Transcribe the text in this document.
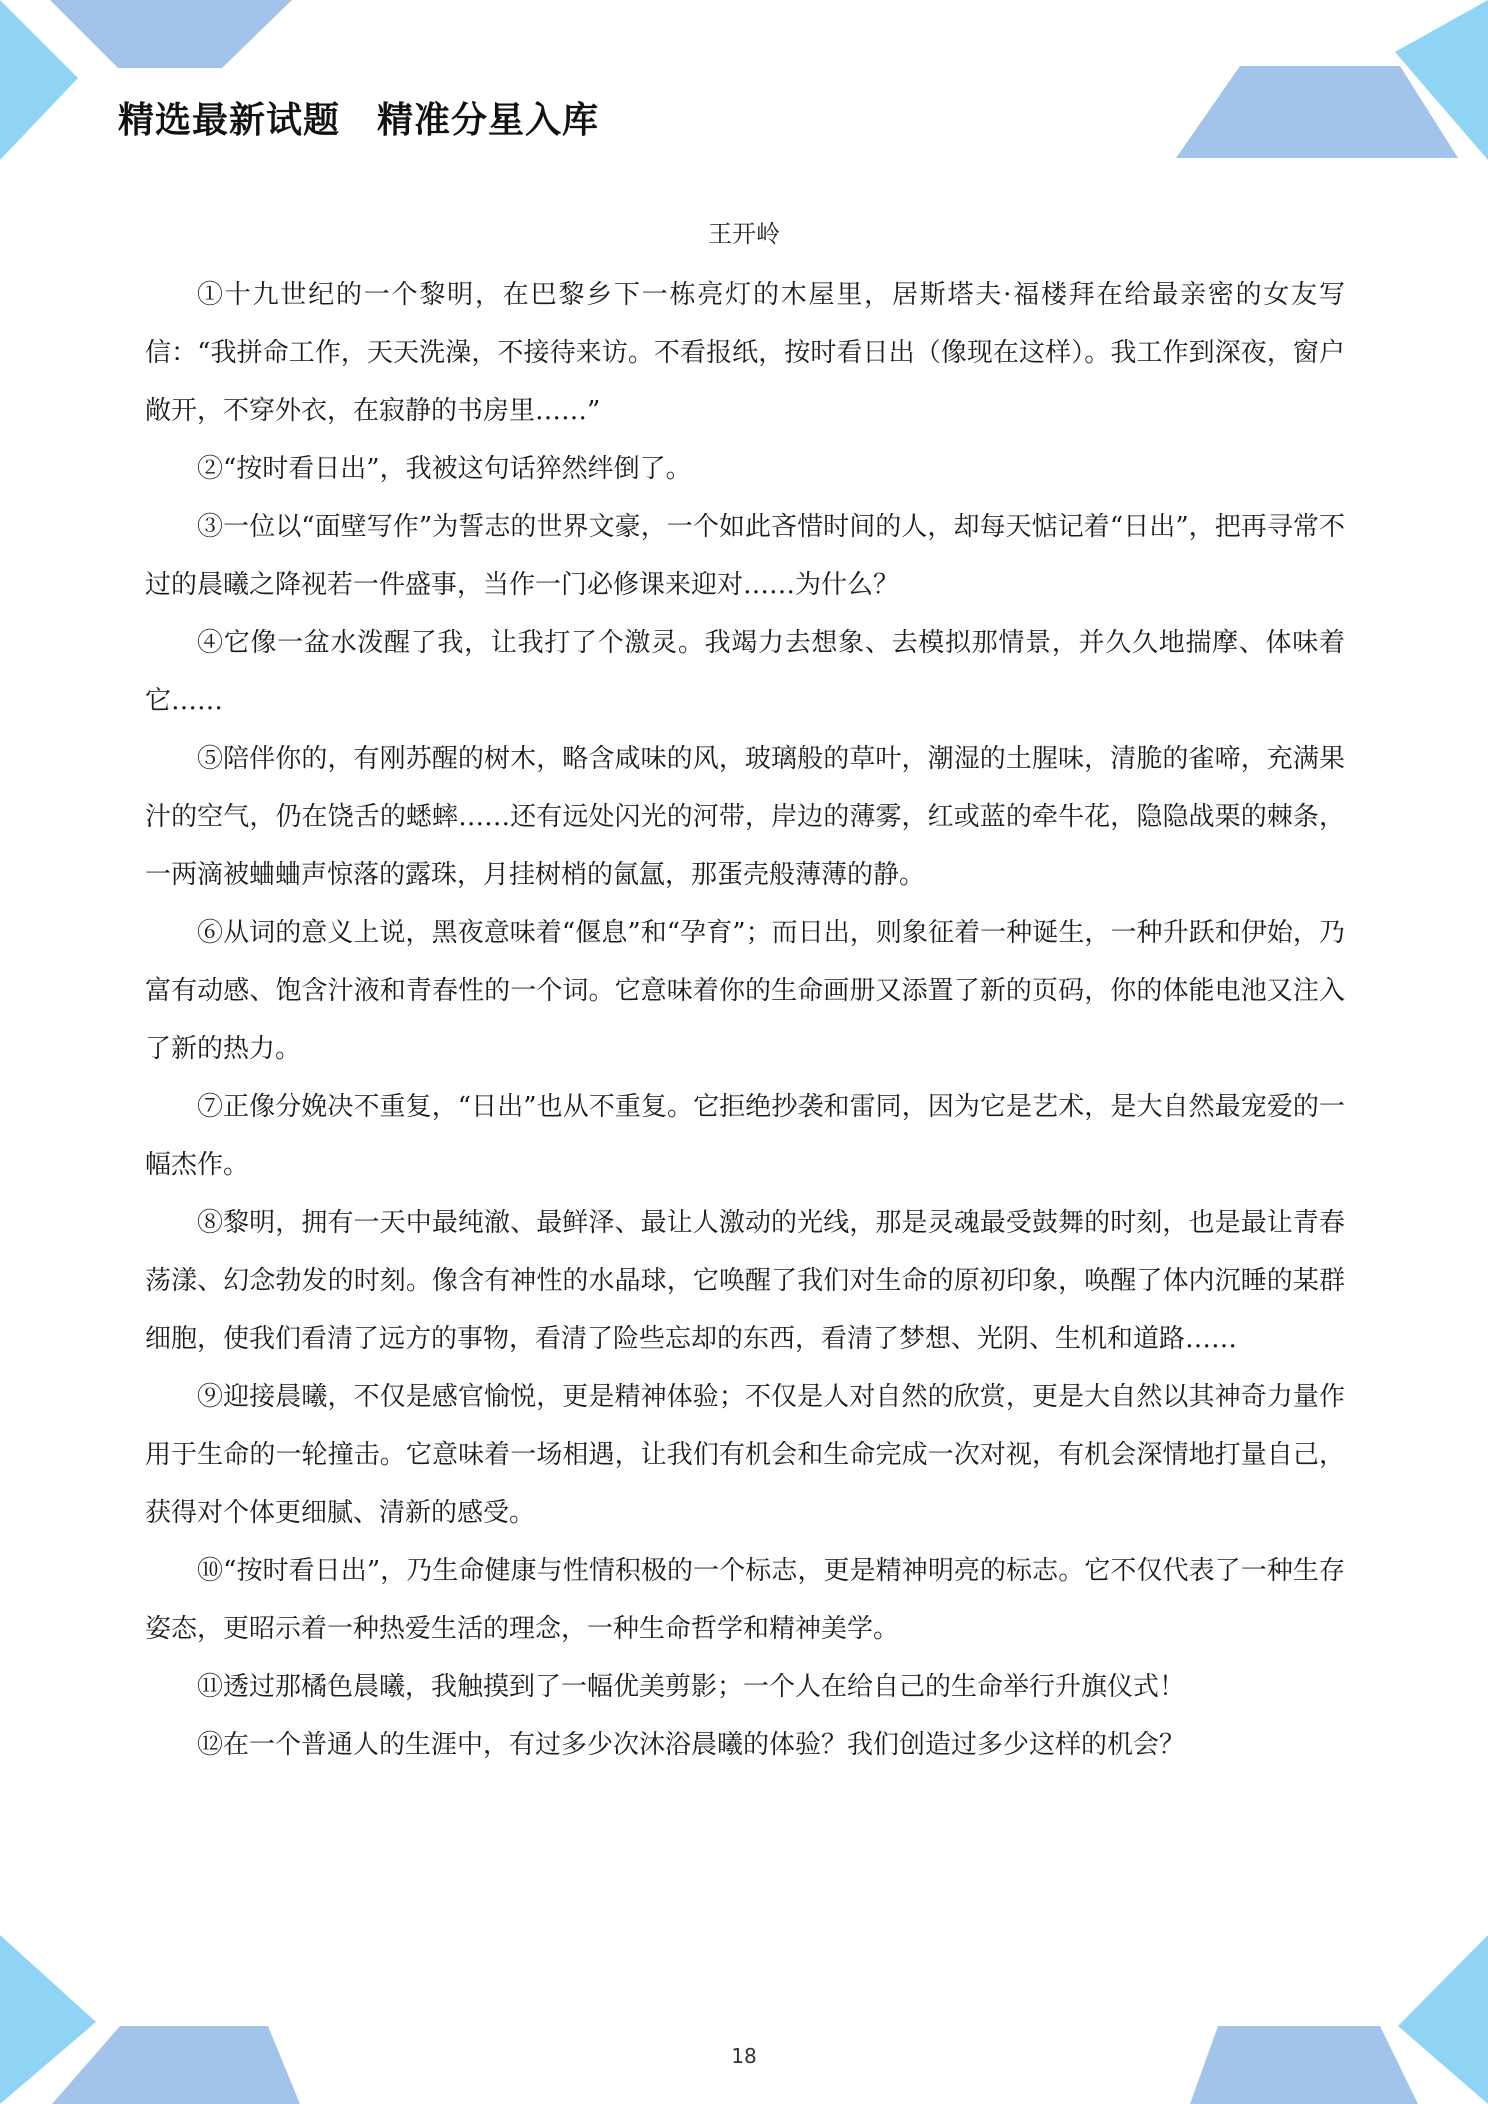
精选最新试题　精准分星入库
王开岭

①十九世纪的一个黎明，在巴黎乡下一栋亮灯的木屋里，居斯塔夫·福楼拜在给最亲密的女友写信：“我拼命工作，天天洗澡，不接待来访。不看报纸，按时看日出（像现在这样）。我工作到深夜，窗户敞开，不穿外衣，在寂静的书房里……”

②“按时看日出”，我被这句话猝然绊倒了。

③一位以“面壁写作”为誓志的世界文豪，一个如此吝惜时间的人，却每天惦记着“日出”，把再寻常不过的晨曦之降视若一件盛事，当作一门必修课来迎对……为什么？

④它像一盆水泼醒了我，让我打了个激灵。我竭力去想象、去模拟那情景，并久久地揣摩、体味着它……

⑤陪伴你的，有刚苏醒的树木，略含咸味的风，玻璃般的草叶，潮湿的土腥味，清脆的雀啼，充满果汁的空气，仍在饶舌的蟋蟀……还有远处闪光的河带，岸边的薄雾，红或蓝的牵牛花，隐隐战栗的棘条，一两滴被蛐蛐声惊落的露珠，月挂树梢的氤氲，那蛋壳般薄薄的静。

⑥从词的意义上说，黑夜意味着“偃息”和“孕育”；而日出，则象征着一种诞生，一种升跃和伊始，乃富有动感、饱含汁液和青春性的一个词。它意味着你的生命画册又添置了新的页码，你的体能电池又注入了新的热力。

⑦正像分娩决不重复，“日出”也从不重复。它拒绝抄袭和雷同，因为它是艺术，是大自然最宠爱的一幅杰作。

⑧黎明，拥有一天中最纯澈、最鲜泽、最让人激动的光线，那是灵魂最受鼓舞的时刻，也是最让青春荡漾、幻念勃发的时刻。像含有神性的水晶球，它唤醒了我们对生命的原初印象，唤醒了体内沉睡的某群细胞，使我们看清了远方的事物，看清了险些忘却的东西，看清了梦想、光阴、生机和道路……

⑨迎接晨曦，不仅是感官愉悦，更是精神体验；不仅是人对自然的欣赏，更是大自然以其神奇力量作用于生命的一轮撞击。它意味着一场相遇，让我们有机会和生命完成一次对视，有机会深情地打量自己，获得对个体更细腻、清新的感受。

⑩“按时看日出”，乃生命健康与性情积极的一个标志，更是精神明亮的标志。它不仅代表了一种生存姿态，更昭示着一种热爱生活的理念，一种生命哲学和精神美学。

⑪透过那橘色晨曦，我触摸到了一幅优美剪影；一个人在给自己的生命举行升旗仪式！

⑫在一个普通人的生涯中，有过多少次沐浴晨曦的体验？我们创造过多少这样的机会？

18
